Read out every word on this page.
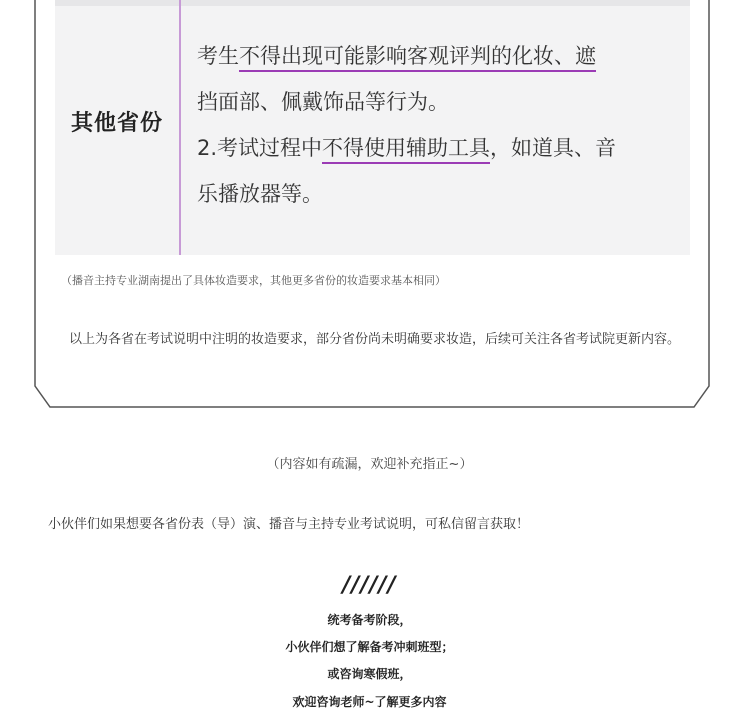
其他省份
考生不得出现可能影响客观评判的化妆、遮
挡面部、佩戴饰品等行为。
2.考试过程中不得使用辅助工具，如道具、音
乐播放器等。
（播音主持专业湖南提出了具体妆造要求，其他更多省份的妆造要求基本相同）
以上为各省在考试说明中注明的妆造要求，部分省份尚未明确要求妆造，后续可关注各省考试院更新内容。
（内容如有疏漏，欢迎补充指正~）
小伙伴们如果想要各省份表（导）演、播音与主持专业考试说明，可私信留言获取！
//////
统考备考阶段，
小伙伴们想了解备考冲刺班型；
或咨询寒假班，
欢迎咨询老师~了解更多内容
